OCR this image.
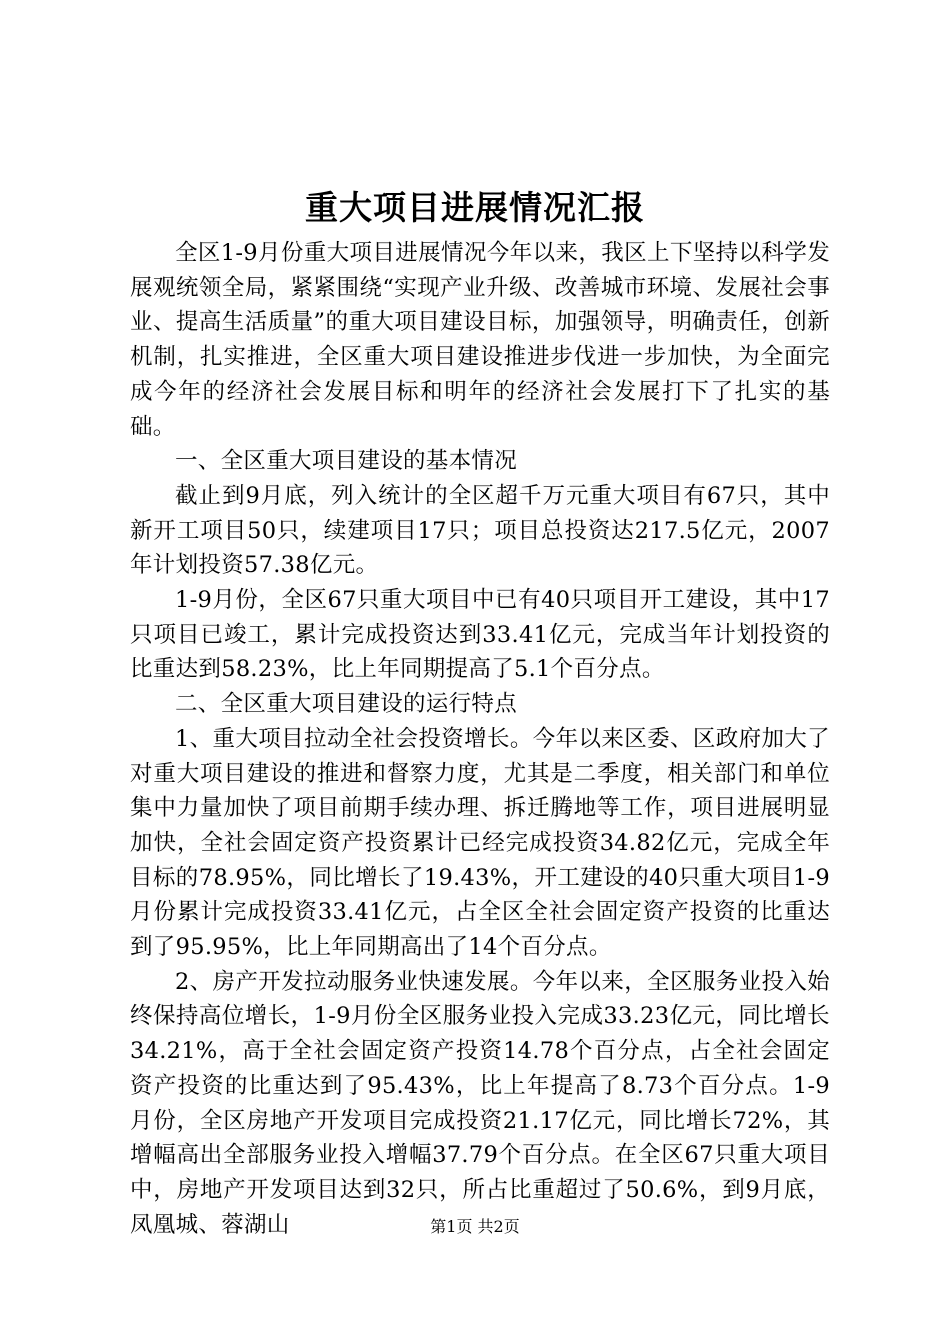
重大项目进展情况汇报

全区1-9月份重大项目进展情况今年以来，我区上下坚持以科学发展观统领全局，紧紧围绕“实现产业升级、改善城市环境、发展社会事业、提高生活质量”的重大项目建设目标，加强领导，明确责任，创新机制，扎实推进，全区重大项目建设推进步伐进一步加快，为全面完成今年的经济社会发展目标和明年的经济社会发展打下了扎实的基础。

一、全区重大项目建设的基本情况

截止到9月底，列入统计的全区超千万元重大项目有67只，其中新开工项目50只，续建项目17只；项目总投资达217.5亿元，2007年计划投资57.38亿元。

1-9月份，全区67只重大项目中已有40只项目开工建设，其中17只项目已竣工，累计完成投资达到33.41亿元，完成当年计划投资的比重达到58.23%，比上年同期提高了5.1个百分点。

二、全区重大项目建设的运行特点

1、重大项目拉动全社会投资增长。今年以来区委、区政府加大了对重大项目建设的推进和督察力度，尤其是二季度，相关部门和单位集中力量加快了项目前期手续办理、拆迁腾地等工作，项目进展明显加快，全社会固定资产投资累计已经完成投资34.82亿元，完成全年目标的78.95%，同比增长了19.43%，开工建设的40只重大项目1-9月份累计完成投资33.41亿元，占全区全社会固定资产投资的比重达到了95.95%，比上年同期高出了14个百分点。

2、房产开发拉动服务业快速发展。今年以来，全区服务业投入始终保持高位增长，1-9月份全区服务业投入完成33.23亿元，同比增长34.21%，高于全社会固定资产投资14.78个百分点，占全社会固定资产投资的比重达到了95.43%，比上年提高了8.73个百分点。1-9月份，全区房地产开发项目完成投资21.17亿元，同比增长72%，其增幅高出全部服务业投入增幅37.79个百分点。在全区67只重大项目中，房地产开发项目达到32只，所占比重超过了50.6%，到9月底，凤凰城、蓉湖山	第1页 共2页
